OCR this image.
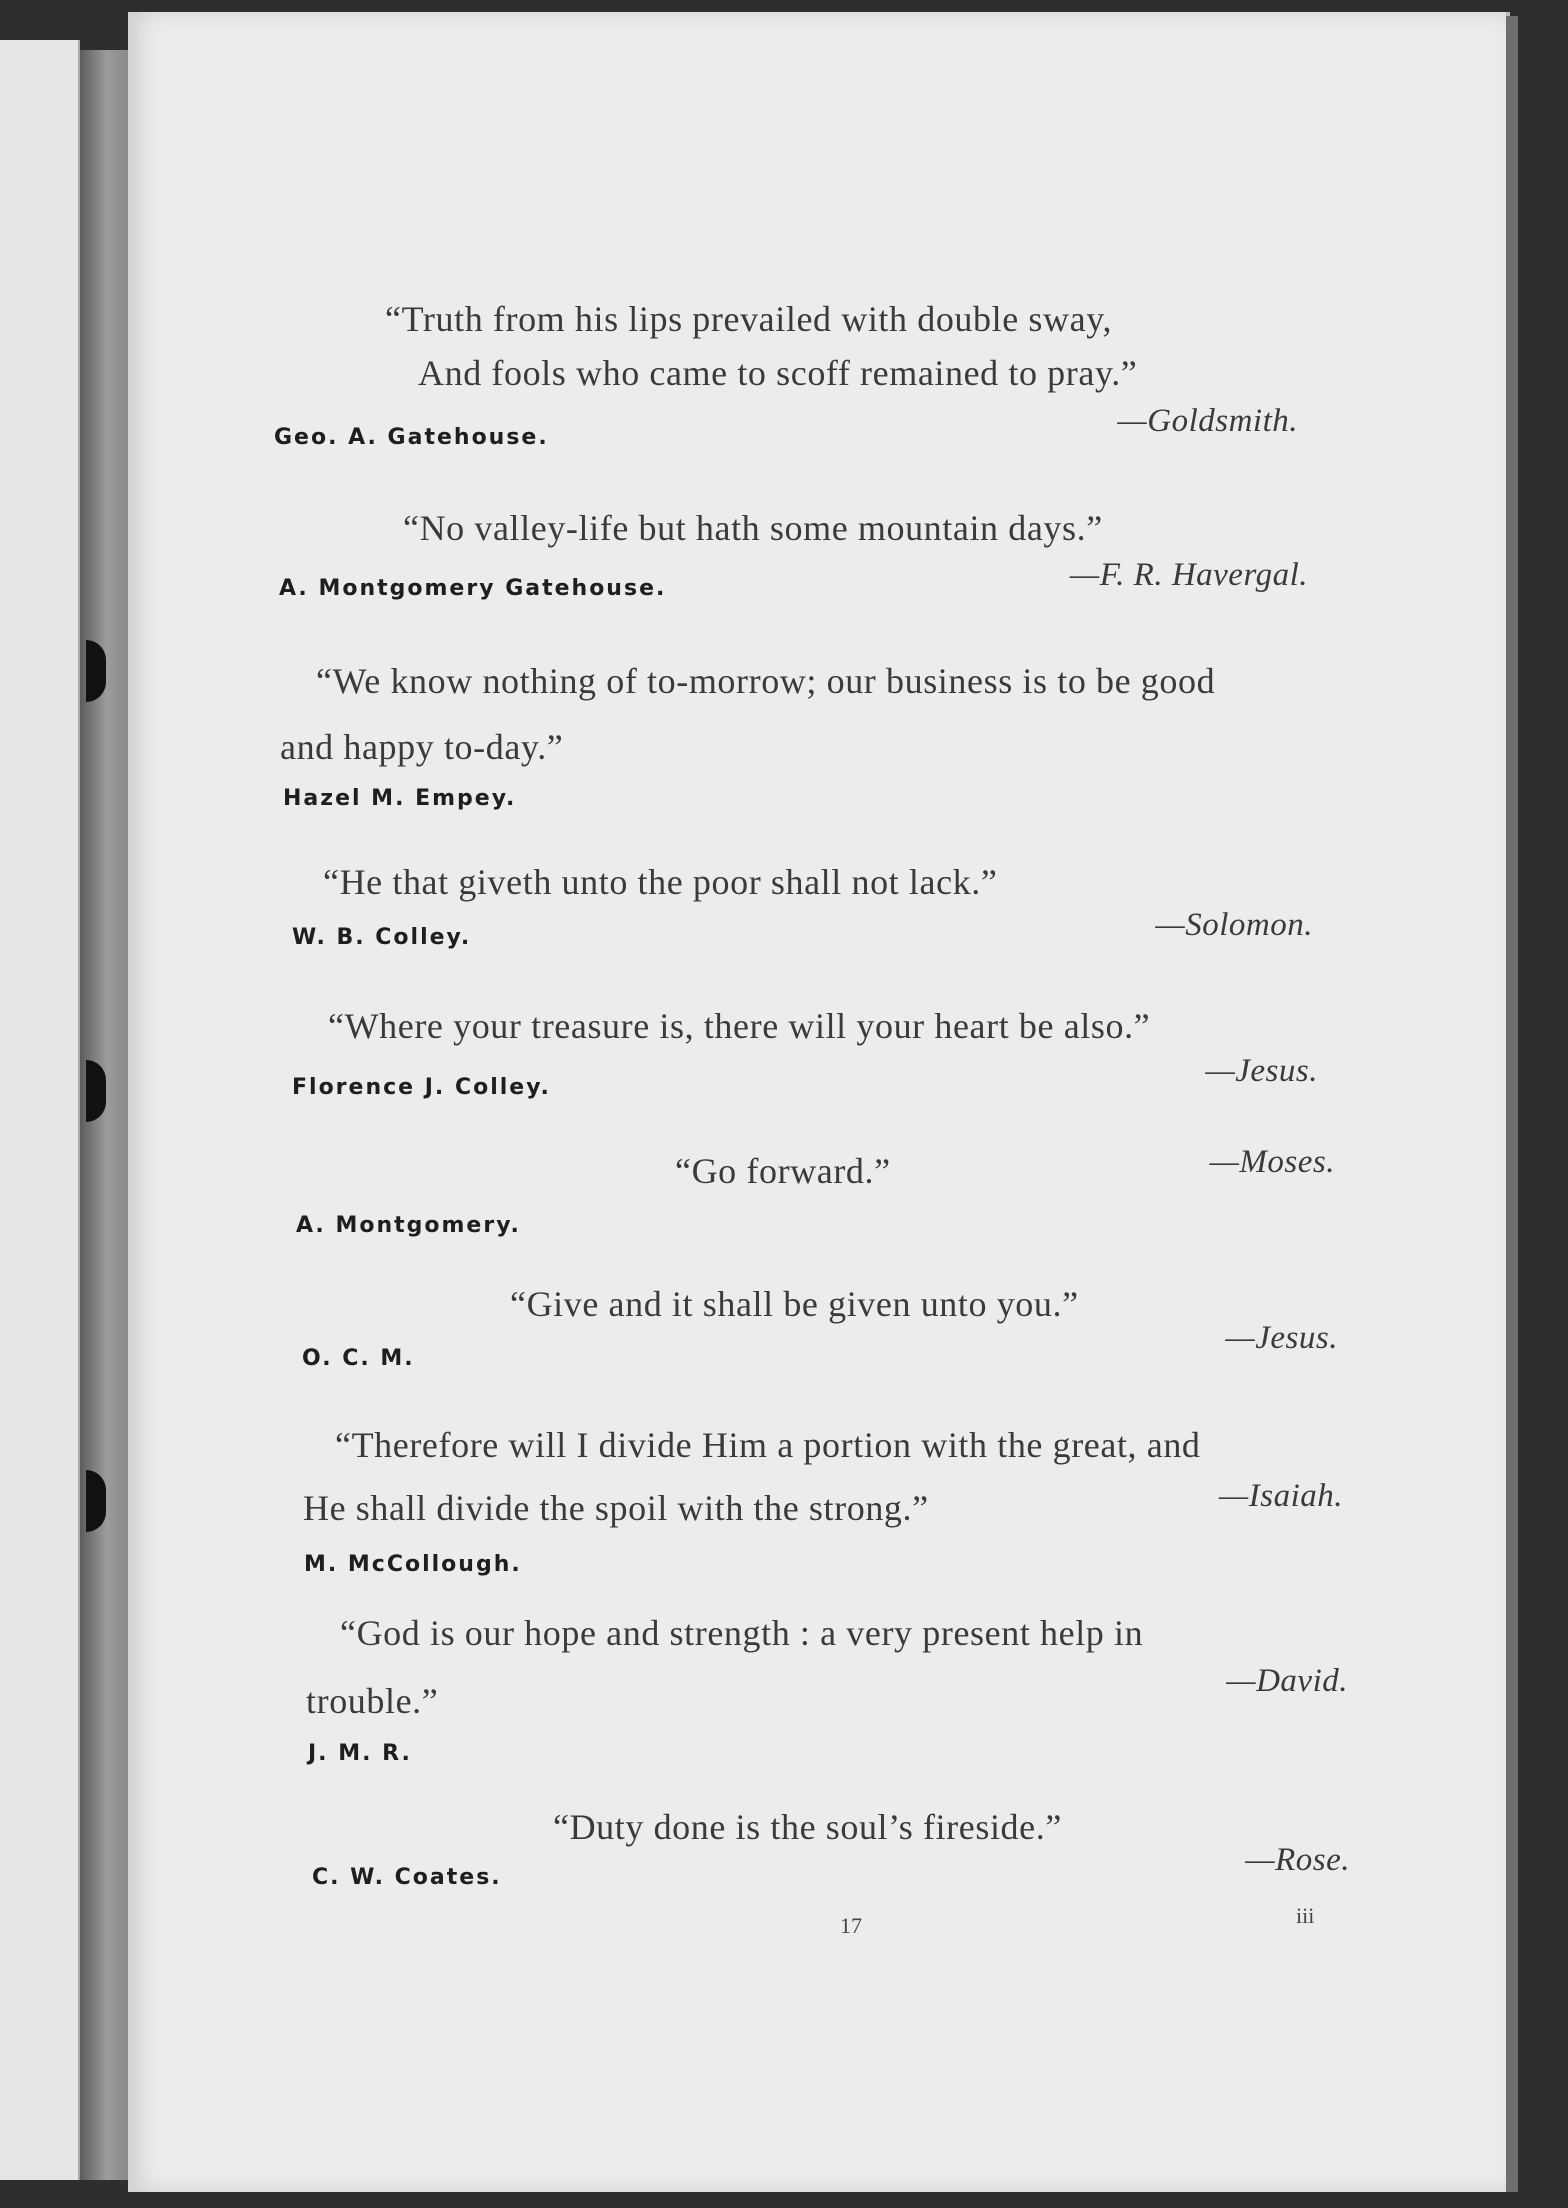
“Truth from his lips prevailed with double sway,
And fools who came to scoff remained to pray.”
Geo. A. Gatehouse.	—Goldsmith.
“No valley-life but hath some mountain days.”
A. Montgomery Gatehouse.	—F. R. Havergal.
“We know nothing of to-morrow; our business is to be good
and happy to-day.”
Hazel M. Empey.
“He that giveth unto the poor shall not lack.”
W. B. Colley.	—Solomon.
“Where your treasure is, there will your heart be also.”
Florence J. Colley.	—Jesus.
“Go forward.”	—Moses.
A. Montgomery.
“Give and it shall be given unto you.”
O. C. M.
—Jesus.
“Therefore will I divide Him a portion with the great, and
He shall divide the spoil with the strong.”	—Isaiah.
M. McCollough.
“God is our hope and strength : a very present help in
—David.
trouble.”
J. M. R.
“Duty done is the soul’s fireside.”
—Rose.
C. W. Coates.
17	iii
